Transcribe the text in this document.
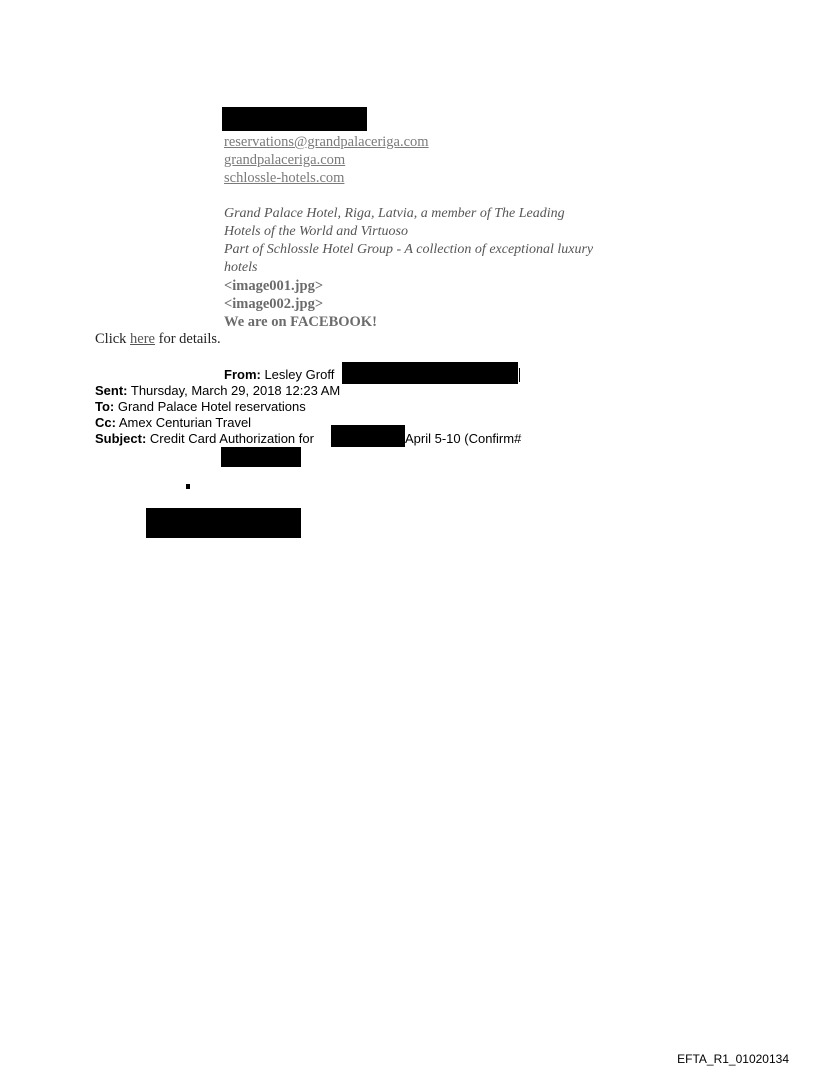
reservations@grandpalaceriga.com
grandpalaceriga.com
schlossle-hotels.com
Grand Palace Hotel, Riga, Latvia, a member of The Leading
Hotels of the World and Virtuoso
Part of Schlossle Hotel Group - A collection of exceptional luxury
hotels
<image001.jpg>
<image002.jpg>
We are on FACEBOOK!
Click here for details.
From: Lesley Groff
Sent: Thursday, March 29, 2018 12:23 AM
To: Grand Palace Hotel reservations
Cc: Amex Centurian Travel
Subject: Credit Card Authorization for	April 5-10 (Confirm#
EFTA_R1_01020134
